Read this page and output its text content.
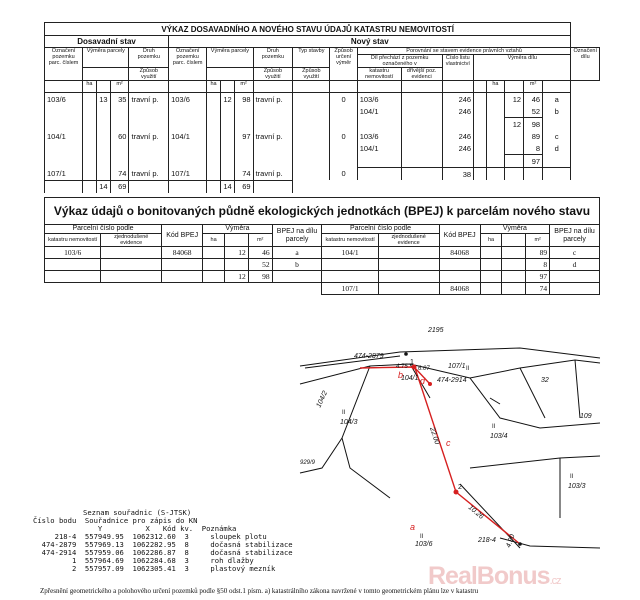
VÝKAZ DOSAVADNÍHO A NOVÉHO STAVU ÚDAJŮ KATASTRU NEMOVITOSTÍ																				
Dosavadní stav					Nový stav															
Označení pozemku parc. číslem	Výměra parcely			Druh pozemku	Označení pozemku parc. číslem	Výměra parcely			Druh pozemku	Typ stavby	Způsob určení výměr	Porovnání se stavem evidence právních vztahů								Označení dílu
												Díl přechází z pozemku označeného v		Číslo listu vlastnictví	Výměra dílu					
				Způsob využití					Způsob využití	Způsob využití		katastru nemovitostí	dřívější poz. evidenci							
	ha		m²			ha		m²								ha		m²		
103/6		13	35	travní p.	103/6		12	98	travní p.		0	103/6		246			12	46	a	
												104/1		246				52	b	
																	12	98		
104/1			60	travní p.	104/1			97	travní p.		0	103/6		246				89	c	
												104/1		246				8	d	
																		97		
107/1			74	travní p.	107/1			74	travní p.		0			38						
		14	69				14	69												
Výkaz údajů o bonitovaných půdně ekologických jednotkách (BPEJ) k parcelám nového stavu													
Parcelní číslo podle		Kód BPEJ	Výměra			BPEJ na dílu parcely	Parcelní číslo podle		Kód BPEJ	Výměra			BPEJ na dílu parcely
katastru nemovitostí	zjednodušené evidence						katastru nemovitostí	zjednodušené evidence					
			ha		m²					ha		m²	
103/6		84068		12	46	a	104/1		84068			89	c
					52	b						8	d
				12	98							97	
							107/1		84068			74	
2195
474-2879
474-2914
107/1
104/1
104/2
104/3
103/4
103/3
103/6
32
109
929/9
218-4
4.75 6.07
22.00
10.26
4.90
1
2
II
II
II
II
II
b
d
c
a
Seznam souřadnic (S-JTSK)
Číslo bodu  Souřadnice pro zápis do KN
Y          X   Kód kv.  Poznámka
218-4  557949.95  1062312.60  3     sloupek plotu
474-2879  557969.13  1062282.95  8     dočasná stabilizace
474-2914  557959.06  1062286.87  8     dočasná stabilizace
1  557964.69  1062284.68  3     roh dlažby
2  557957.09  1062305.41  3     plastový mezník	RealBonus.cz
Zpřesnění geometrického a polohového určení pozemků podle §50 odst.1 písm. a) katastrálního zákona navržené v tomto geometrickém plánu lze v katastru
